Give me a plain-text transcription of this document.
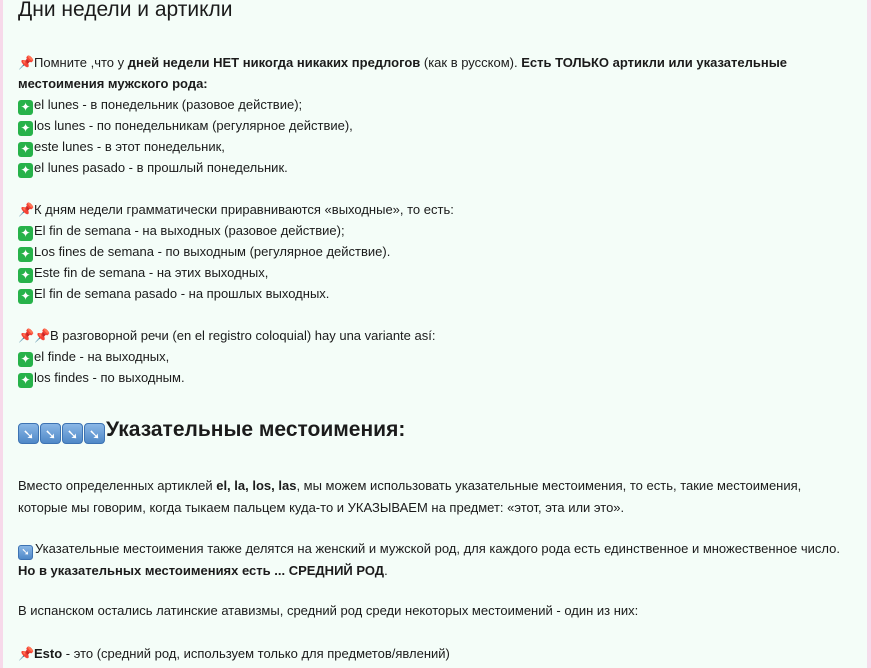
Дни недели и артикли
📌Помните ,что у дней недели НЕТ никогда никаких предлогов (как в русском). Есть ТОЛЬКО артикли или указательные местоимения мужского рода:
✦ el lunes - в понедельник (разовое действие);
✦ los lunes - по понедельникам (регулярное действие),
✦ este lunes - в этот понедельник,
✦ el lunes pasado - в прошлый понедельник.
📌К дням недели грамматически приравниваются «выходные», то есть:
✦ El fin de semana - на выходных (разовое действие);
✦ Los fines de semana - по выходным (регулярное действие).
✦ Este fin de semana - на этих выходных,
✦ El fin de semana pasado - на прошлых выходных.
📌📌В разговорной речи (en el registro coloquial) hay una variante así:
✦ el finde - на выходных,
✦ los findes - по выходным.
➘ ➘ ➘ ➘ Указательные местоимения:
Вместо определенных артиклей el, la, los, las, мы можем использовать указательные местоимения, то есть, такие местоимения, которые мы говорим, когда тыкаем пальцем куда-то и УКАЗЫВАЕМ на предмет: «этот, эта или это».
➘ Указательные местоимения также делятся на женский и мужской род, для каждого рода есть единственное и множественное число. Но в указательных местоимениях есть ... СРЕДНИЙ РОД.
В испанском остались латинские атавизмы, средний род среди некоторых местоимений - один из них:
📌Esto - это (средний род, используем только для предметов/явлений)
